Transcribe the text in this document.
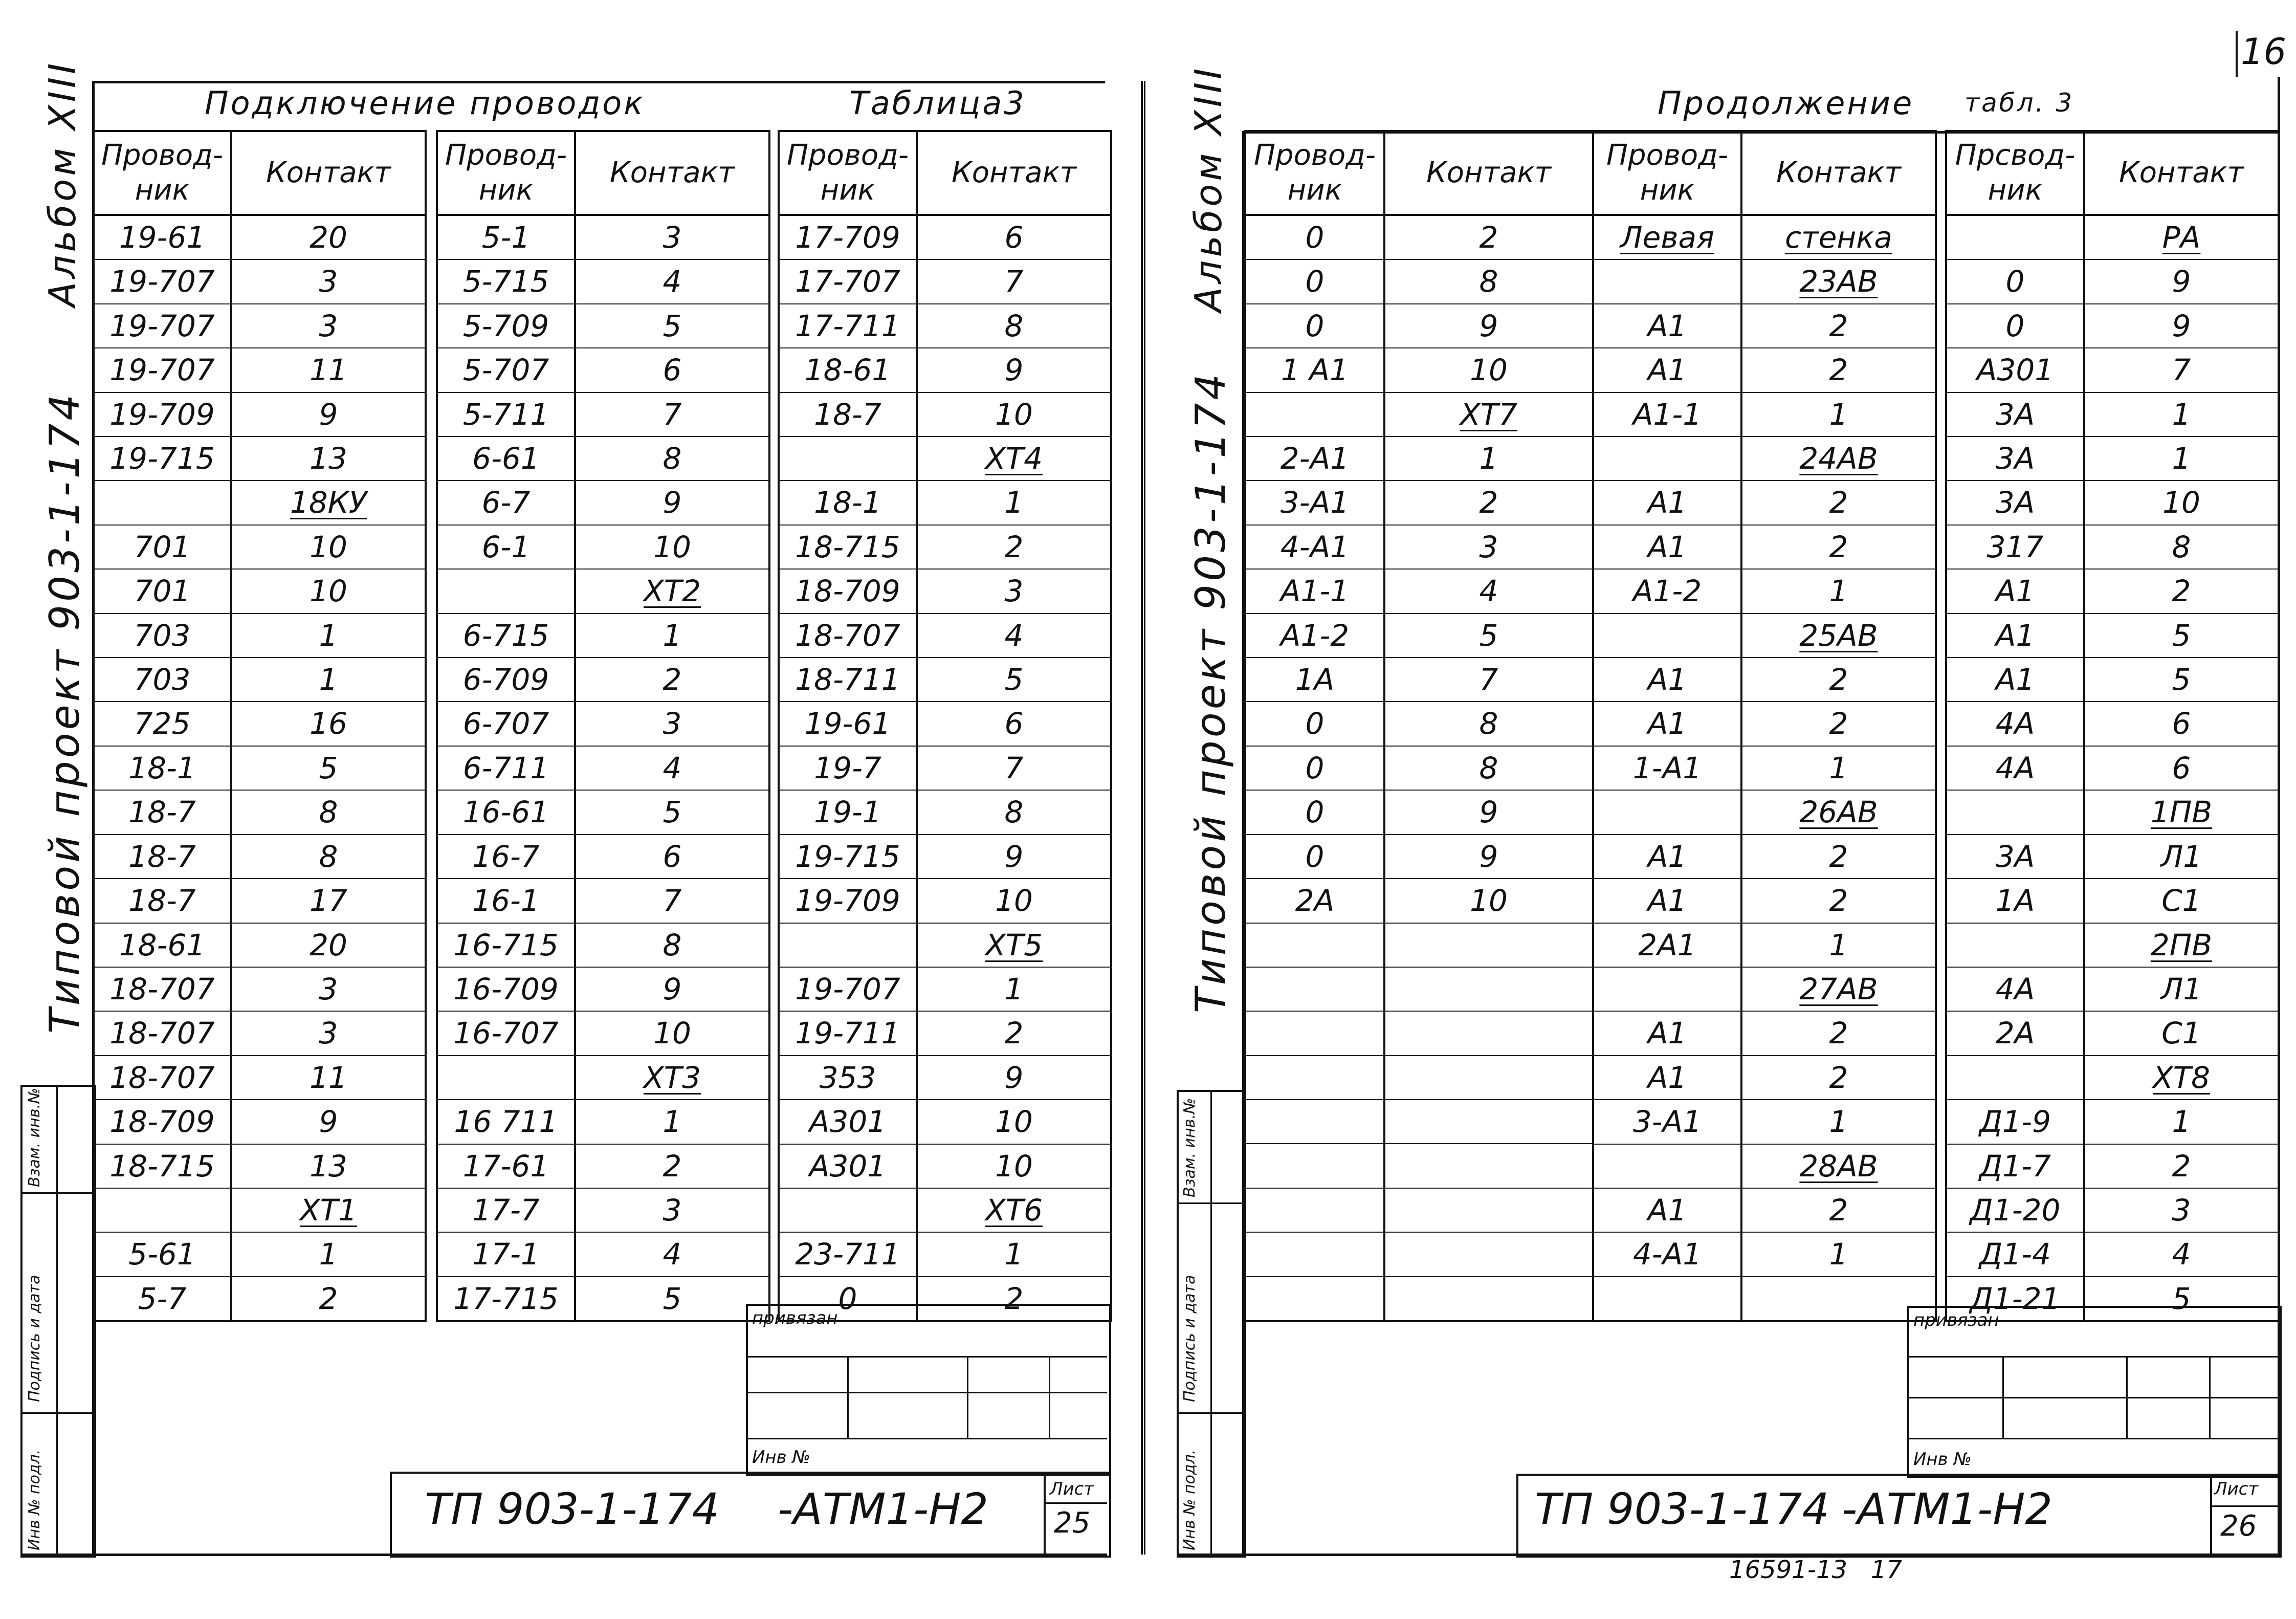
16
Альбом XIII
Типовой проект 903-1-174
Инв № подл.
Подпись и дата
Взам. инв.№
Подключение проводок	Таблица3
Провод-ник	Контакт
19-61	20
19-707	3
19-707	3
19-707	11
19-709	9
19-715	13
	18КУ
701	10
701	10
703	1
703	1
725	16
18-1	5
18-7	8
18-7	8
18-7	17
18-61	20
18-707	3
18-707	3
18-707	11
18-709	9
18-715	13
	XT1
5-61	1
5-7	2
Провод-ник	Контакт
5-1	3
5-715	4
5-709	5
5-707	6
5-711	7
6-61	8
6-7	9
6-1	10
	XT2
6-715	1
6-709	2
6-707	3
6-711	4
16-61	5
16-7	6
16-1	7
16-715	8
16-709	9
16-707	10
	XT3
16 711	1
17-61	2
17-7	3
17-1	4
17-715	5
Провод-ник	Контакт
17-709	6
17-707	7
17-711	8
18-61	9
18-7	10
	XT4
18-1	1
18-715	2
18-709	3
18-707	4
18-711	5
19-61	6
19-7	7
19-1	8
19-715	9
19-709	10
	XT5
19-707	1
19-711	2
353	9
A301	10
A301	10
	XT6
23-711	1
0	2
привязан
Инв №
ТП 903-1-174 -АТМ1-Н2	Лист
25
Альбом XIII
Типовой проект 903-1-174
Инв № подл.
Подпись и дата
Взам. инв.№
Продолжение табл. 3
Провод-ник	Контакт
0	2
0	8
0	9
1 A1	10
	XT7
2-A1	1
3-A1	2
4-A1	3
A1-1	4
A1-2	5
1A	7
0	8
0	8
0	9
0	9
2A	10

Провод-ник	Контакт
Левая	стенка
	23АВ
A1	2
A1	2
A1-1	1
	24АВ
A1	2
A1	2
A1-2	1
	25АВ
A1	2
A1	2
1-A1	1
	26АВ
A1	2
A1	2
2A1	1
	27АВ
A1	2
A1	2
3-A1	1
	28АВ
A1	2
4-A1	1

Прсвод-ник	Контакт
	РА
0	9
0	9
A301	7
3A	1
3A	1
3A	10
317	8
A1	2
A1	5
A1	5
4A	6
4A	6
	1ПВ
3A	Л1
1A	С1
	2ПВ
4A	Л1
2A	С1
	XT8
Д1-9	1
Д1-7	2
Д1-20	3
Д1-4	4
Д1-21	5
привязан
Инв №
ТП 903-1-174 -АТМ1-Н2	Лист
26
16591-13   17
